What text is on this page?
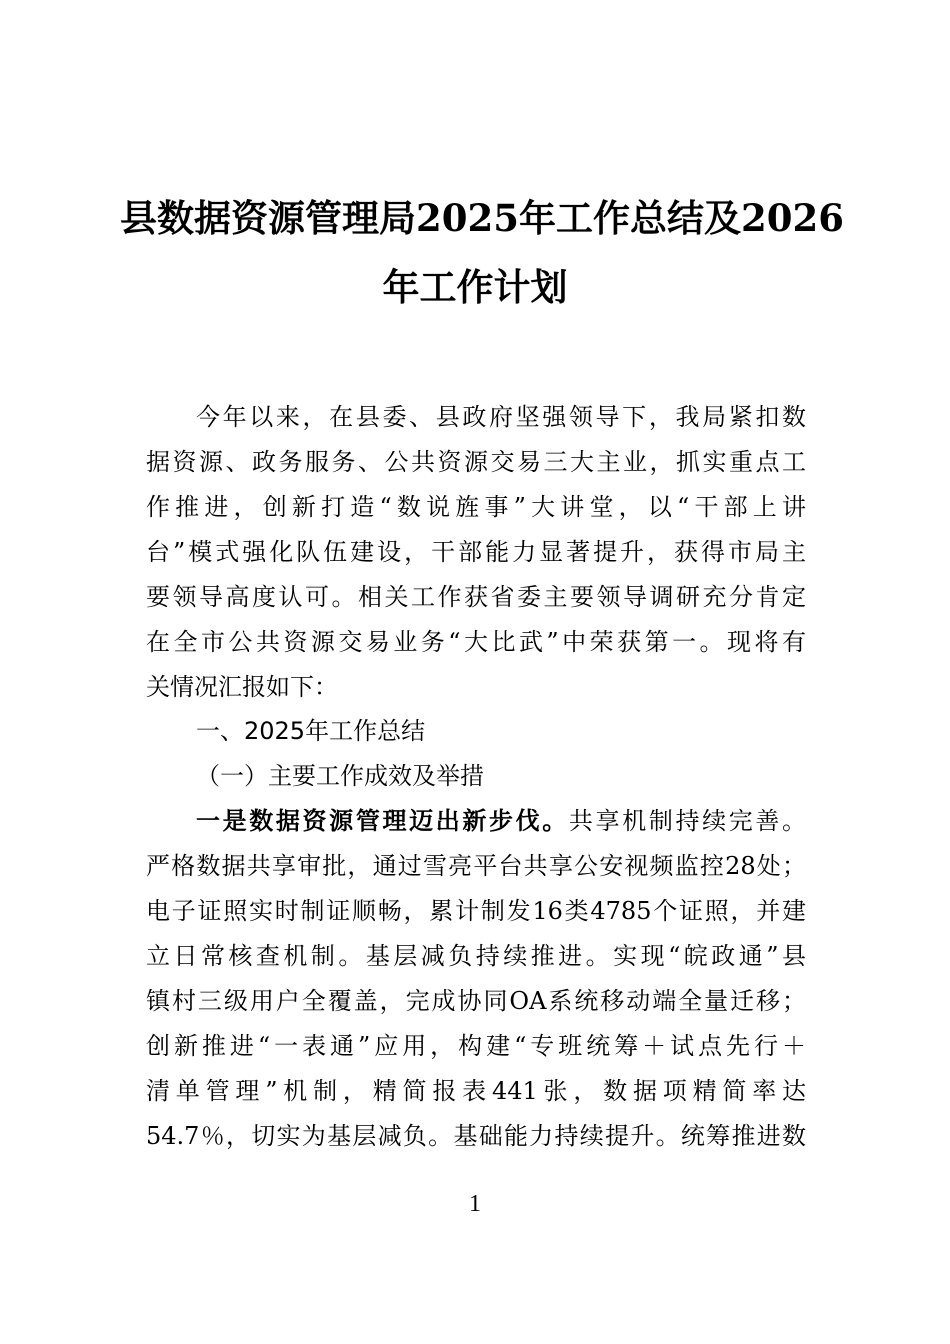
县数据资源管理局2025年工作总结及2026
年工作计划
今年以来，在县委、县政府坚强领导下，我局紧扣数
据资源、政务服务、公共资源交易三大主业，抓实重点工
作推进，创新打造“数说旌事”大讲堂，以“干部上讲
台”模式强化队伍建设，干部能力显著提升，获得市局主
要领导高度认可。相关工作获省委主要领导调研充分肯定
在全市公共资源交易业务“大比武”中荣获第一。现将有
关情况汇报如下：
一、2025年工作总结
（一）主要工作成效及举措
一是数据资源管理迈出新步伐。共享机制持续完善。
严格数据共享审批，通过雪亮平台共享公安视频监控28处；
电子证照实时制证顺畅，累计制发16类4785个证照，并建
立日常核查机制。基层减负持续推进。实现“皖政通”县
镇村三级用户全覆盖，完成协同OA系统移动端全量迁移；
创新推进“一表通”应用，构建“专班统筹＋试点先行＋
清单管理”机制，精简报表441张，数据项精简率达
54.7％，切实为基层减负。基础能力持续提升。统筹推进数
1
